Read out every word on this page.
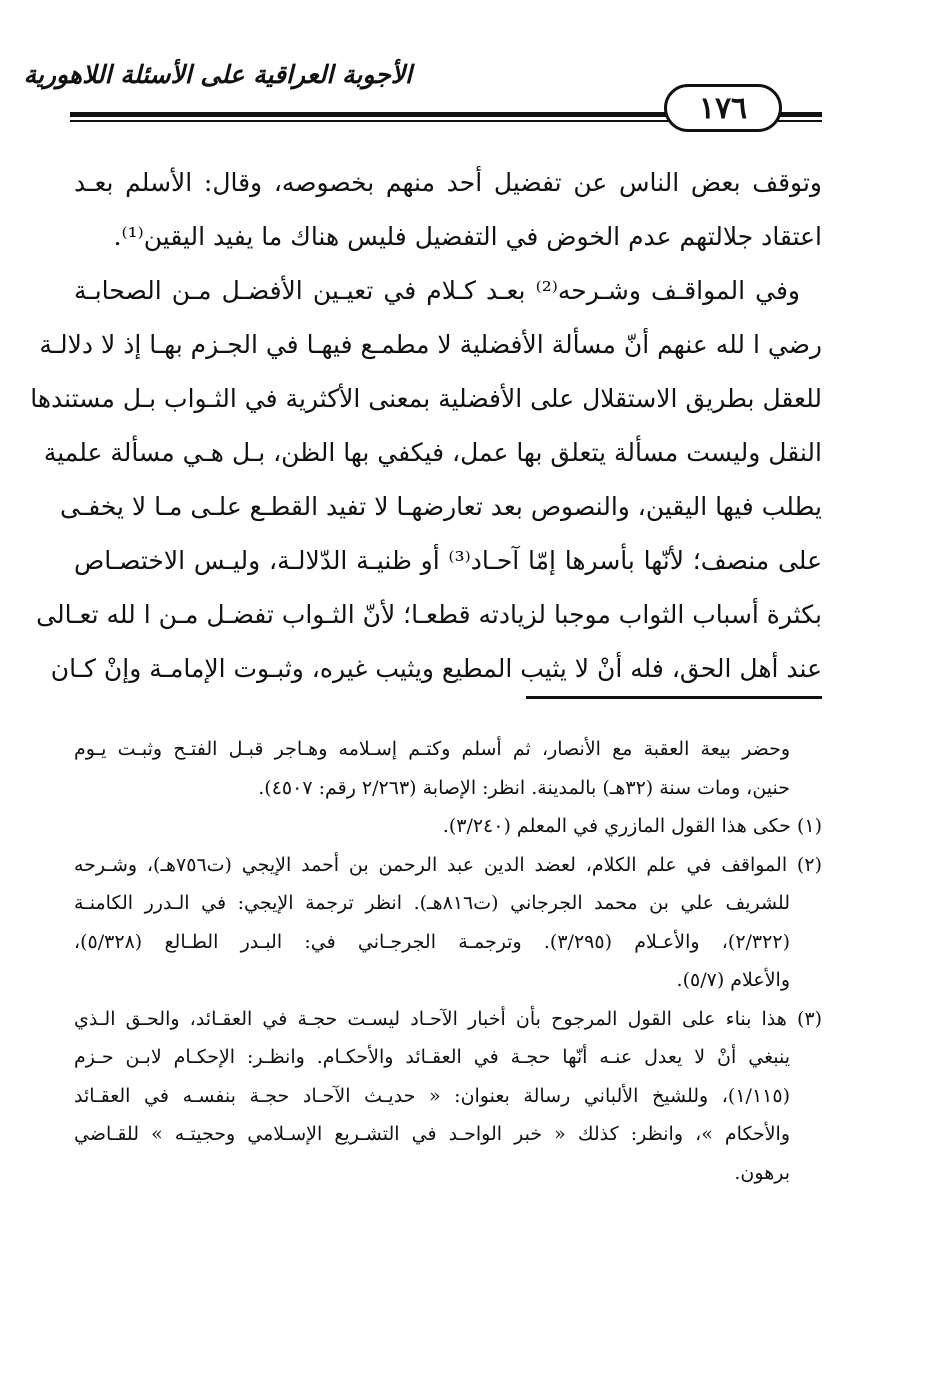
الأجوبة العراقية على الأسئلة اللاهورية
١٧٦
وتوقف بعض الناس عن تفضيل أحد منهم بخصوصه، وقال: الأسلم بعـد
اعتقاد جلالتهم عدم الخوض في التفضيل فليس هناك ما يفيد اليقين⁽¹⁾.
وفي المواقـف وشـرحه⁽²⁾ بعـد كـلام في تعيـين الأفضـل مـن الصحابـة
رضي ا لله عنهم أنّ مسألة الأفضلية لا مطمـع فيهـا في الجـزم بهـا إذ لا دلالـة
للعقل بطريق الاستقلال على الأفضلية بمعنى الأكثرية في الثـواب بـل مستندها
النقل وليست مسألة يتعلق بها عمل، فيكفي بها الظن، بـل هـي مسألة علمية
يطلب فيها اليقين، والنصوص بعد تعارضهـا لا تفيد القطـع علـى مـا لا يخفـى
على منصف؛ لأنّها بأسرها إمّا آحـاد⁽³⁾ أو ظنيـة الدّلالـة، وليـس الاختصـاص
بكثرة أسباب الثواب موجبا لزيادته قطعـا؛ لأنّ الثـواب تفضـل مـن ا لله تعـالى
عند أهل الحق، فله أنْ لا يثيب المطيع ويثيب غيره، وثبـوت الإمامـة وإنْ كـان
وحضر بيعة العقبة مع الأنصار، ثم أسلم وكتـم إسـلامه وهـاجر قبـل الفتـح وثبـت يـوم
حنين، ومات سنة (٣٢هـ) بالمدينة. انظر: الإصابة (٢/٢٦٣ رقم: ٤٥٠٧).
(١) حكى هذا القول المازري في المعلم (٣/٢٤٠).
(٢) المواقف في علم الكلام، لعضد الدين عبد الرحمن بن أحمد الإيجي (ت٧٥٦هـ)، وشـرحه
للشريف علي بن محمد الجرجاني (ت٨١٦هـ). انظر ترجمة الإيجي: في الـدرر الكامنـة
(٢/٣٢٢)، والأعـلام (٣/٢٩٥). وترجمـة الجرجـاني في: البـدر الطـالع (٥/٣٢٨)،
والأعلام (٥/٧).
(٣) هذا بناء على القول المرجوح بأن أخبار الآحـاد ليسـت حجـة في العقـائد، والحـق الـذي
ينبغي أنْ لا يعدل عنـه أنّها حجـة في العقـائد والأحكـام. وانظـر: الإحكـام لابـن حـزم
(١/١١٥)، وللشيخ الألباني رسالة بعنوان: « حديـث الآحـاد حجـة بنفسـه في العقـائد
والأحكام »، وانظر: كذلك « خبر الواحـد في التشـريع الإسـلامي وحجيتـه » للقـاضي
برهون.
